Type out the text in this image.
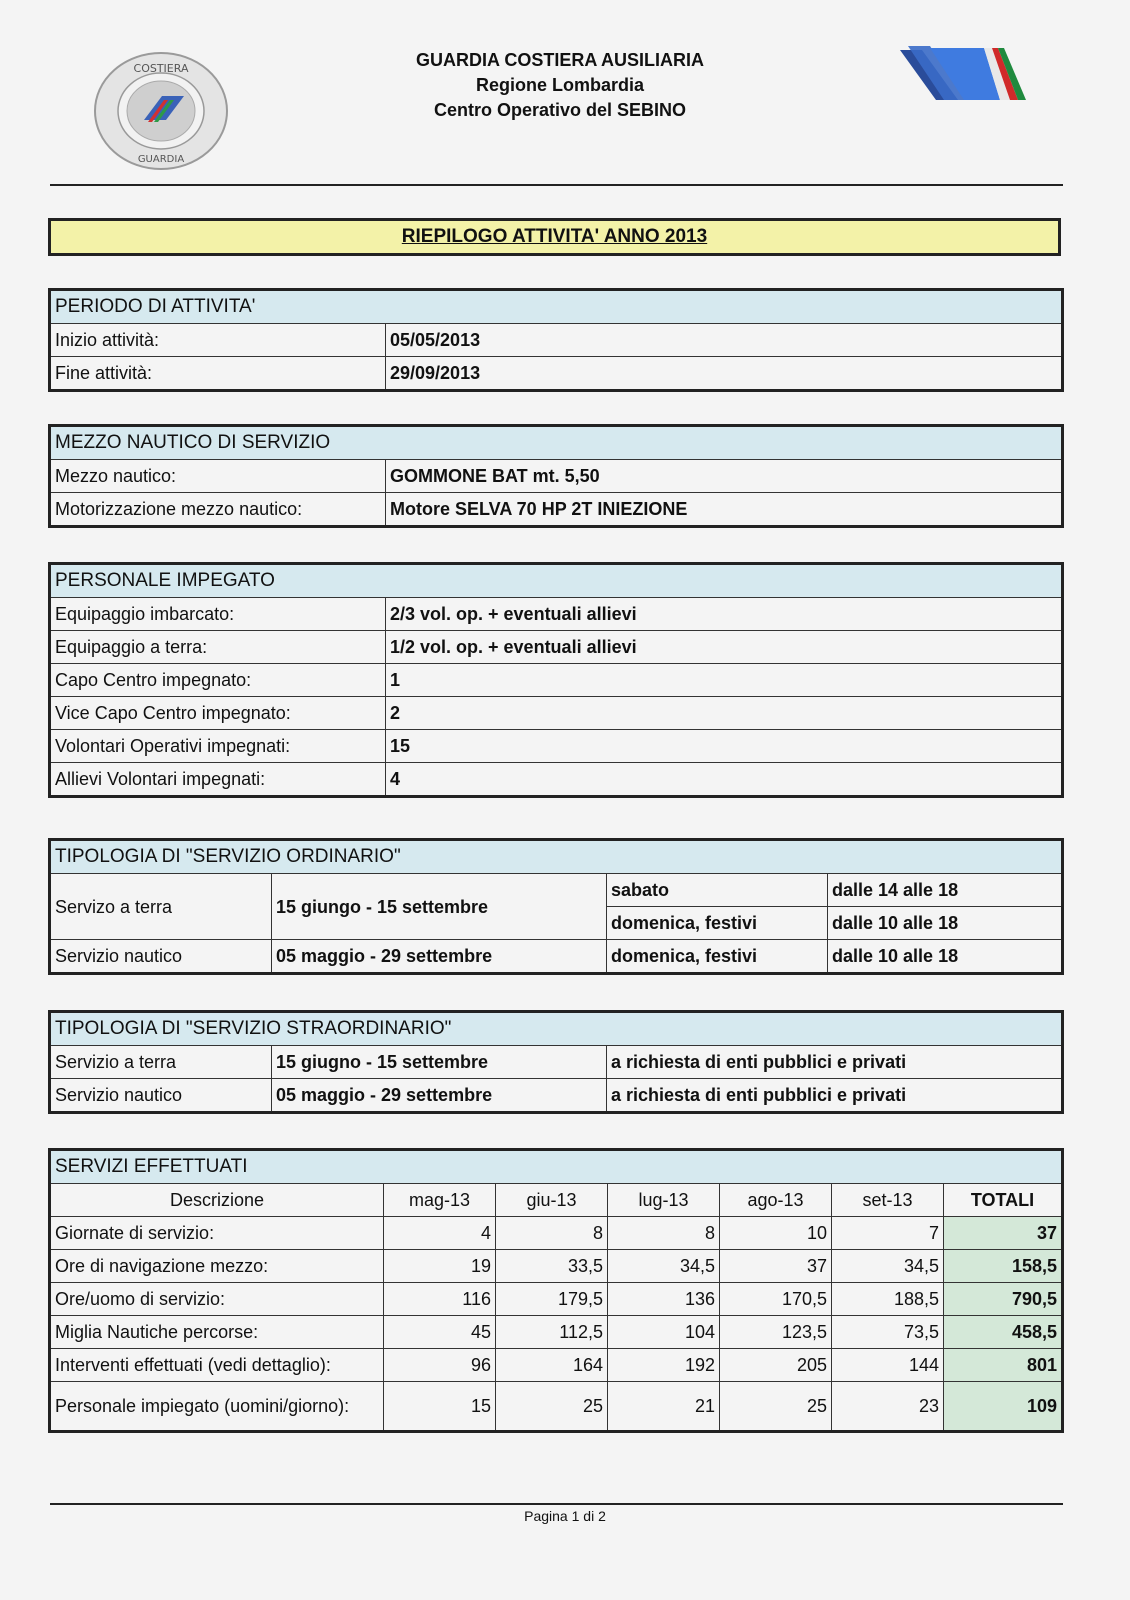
COSTIERA
GUARDIA
GUARDIA COSTIERA AUSILIARIA
Regione Lombardia
Centro Operativo del SEBINO
RIEPILOGO ATTIVITA' ANNO 2013
PERIODO DI ATTIVITA'	
Inizio attività:	05/05/2013
Fine attività:	29/09/2013
MEZZO NAUTICO DI SERVIZIO	
Mezzo nautico:	GOMMONE BAT mt. 5,50
Motorizzazione mezzo nautico:	Motore SELVA 70 HP 2T INIEZIONE
PERSONALE IMPEGATO	
Equipaggio imbarcato:	2/3 vol. op. + eventuali allievi
Equipaggio a terra:	1/2 vol. op. + eventuali allievi
Capo Centro impegnato:	1
Vice Capo Centro impegnato:	2
Volontari Operativi impegnati:	15
Allievi Volontari impegnati:	4
TIPOLOGIA DI "SERVIZIO ORDINARIO"			
Servizo a terra	15 giungo - 15 settembre	sabato	dalle 14 alle 18
		domenica, festivi	dalle 10 alle 18
Servizio nautico	05 maggio - 29 settembre	domenica, festivi	dalle 10 alle 18
TIPOLOGIA DI "SERVIZIO STRAORDINARIO"		
Servizio a terra	15 giugno - 15 settembre	a richiesta di enti pubblici e privati
Servizio nautico	05 maggio - 29 settembre	a richiesta di enti pubblici e privati
SERVIZI EFFETTUATI						
Descrizione	mag-13	giu-13	lug-13	ago-13	set-13	TOTALI
Giornate di servizio:	4	8	8	10	7	37
Ore di navigazione mezzo:	19	33,5	34,5	37	34,5	158,5
Ore/uomo di servizio:	116	179,5	136	170,5	188,5	790,5
Miglia Nautiche percorse:	45	112,5	104	123,5	73,5	458,5
Interventi effettuati (vedi dettaglio):	96	164	192	205	144	801
Personale impiegato (uomini/giorno):	15	25	21	25	23	109
Pagina 1 di 2
